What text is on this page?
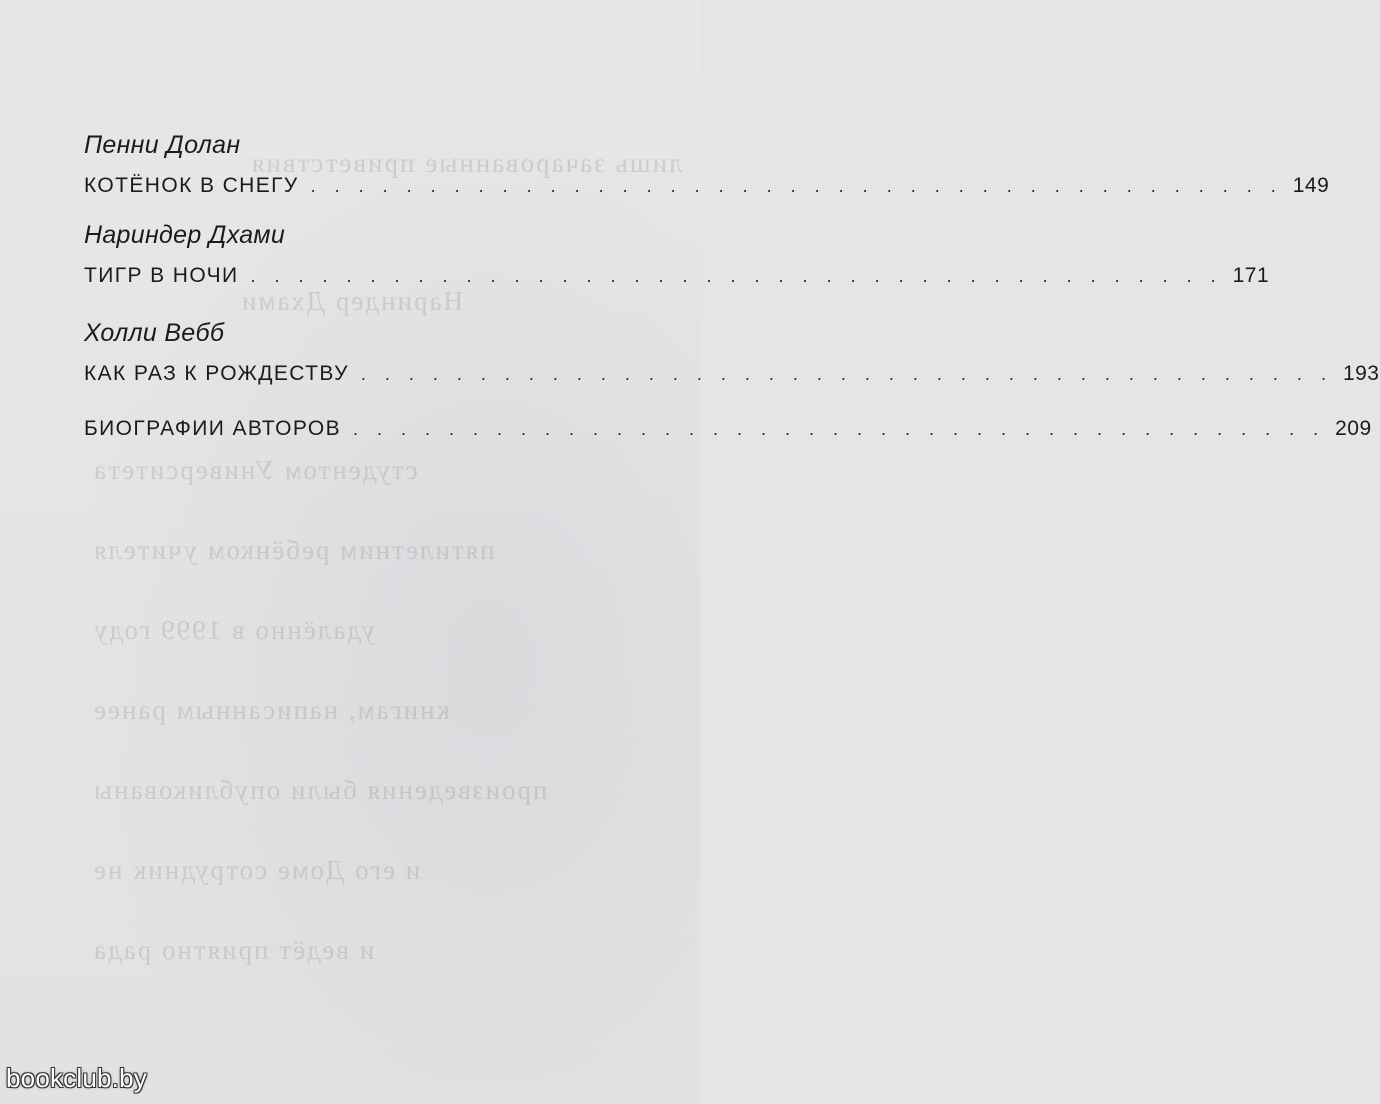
лишь зачарованные приветствия
Нариндер Дхами
студентом Университета
пятилетним ребёнком учителя
удалённо в 1999 году
книгам, написанным ранее
произведения были опубликованы
и его Доме сотрудник не
и ведёт приятно рада
Пенни Долан
КОТЁНОК В СНЕГУ . . . . . . . . . . . . . . . . . . . . . . . . . . . . . . . . . . . . . . . . . 149
Нариндер Дхами
ТИГР В НОЧИ . . . . . . . . . . . . . . . . . . . . . . . . . . . . . . . . . . . . . . . . . 171
Холли Вебб
КАК РАЗ К РОЖДЕСТВУ . . . . . . . . . . . . . . . . . . . . . . . . . . . . . . . . . . . . . . . . . 193
БИОГРАФИИ АВТОРОВ . . . . . . . . . . . . . . . . . . . . . . . . . . . . . . . . . . . . . . . . . 209
bookclub.by
